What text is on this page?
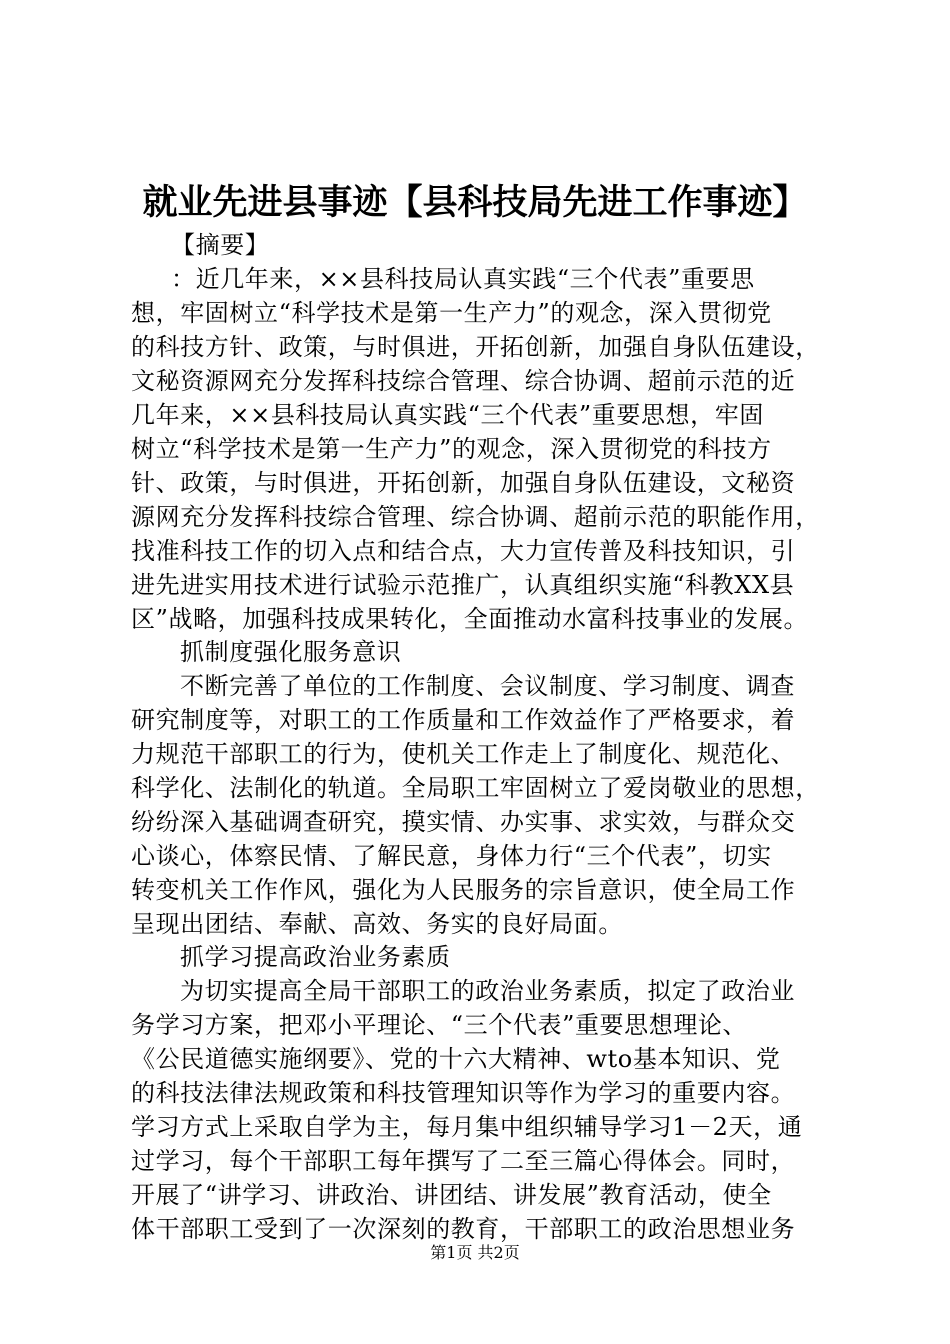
就业先进县事迹【县科技局先进工作事迹】
【摘要】
：近几年来，××县科技局认真实践“三个代表”重要思
想，牢固树立“科学技术是第一生产力”的观念，深入贯彻党
的科技方针、政策，与时俱进，开拓创新，加强自身队伍建设，
文秘资源网充分发挥科技综合管理、综合协调、超前示范的近
几年来，××县科技局认真实践“三个代表”重要思想，牢固
树立“科学技术是第一生产力”的观念，深入贯彻党的科技方
针、政策，与时俱进，开拓创新，加强自身队伍建设，文秘资
源网充分发挥科技综合管理、综合协调、超前示范的职能作用，
找准科技工作的切入点和结合点，大力宣传普及科技知识，引
进先进实用技术进行试验示范推广，认真组织实施“科教XX县
区”战略，加强科技成果转化，全面推动水富科技事业的发展。
抓制度强化服务意识
不断完善了单位的工作制度、会议制度、学习制度、调查
研究制度等，对职工的工作质量和工作效益作了严格要求，着
力规范干部职工的行为，使机关工作走上了制度化、规范化、
科学化、法制化的轨道。全局职工牢固树立了爱岗敬业的思想，
纷纷深入基础调查研究，摸实情、办实事、求实效，与群众交
心谈心，体察民情、了解民意，身体力行“三个代表”，切实
转变机关工作作风，强化为人民服务的宗旨意识，使全局工作
呈现出团结、奉献、高效、务实的良好局面。
抓学习提高政治业务素质
为切实提高全局干部职工的政治业务素质，拟定了政治业
务学习方案，把邓小平理论、“三个代表”重要思想理论、
《公民道德实施纲要》、党的十六大精神、wto基本知识、党
的科技法律法规政策和科技管理知识等作为学习的重要内容。
学习方式上采取自学为主，每月集中组织辅导学习1－2天，通
过学习，每个干部职工每年撰写了二至三篇心得体会。同时，
开展了“讲学习、讲政治、讲团结、讲发展”教育活动，使全
体干部职工受到了一次深刻的教育，干部职工的政治思想业务
第1页 共2页
